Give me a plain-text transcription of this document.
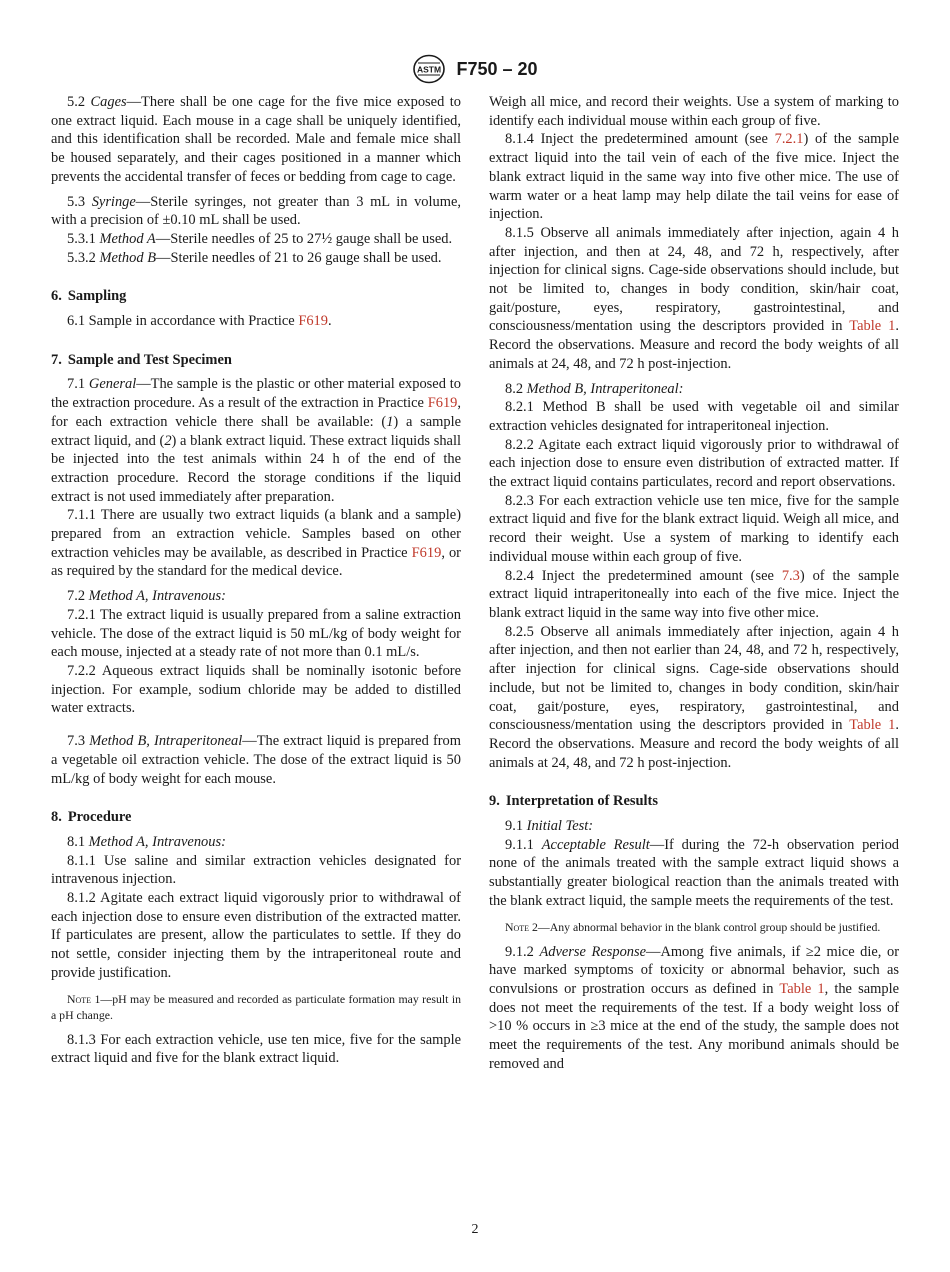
ASTM F750 – 20

5.2 Cages—There shall be one cage for the five mice exposed to one extract liquid. Each mouse in a cage shall be uniquely identified, and this identification shall be recorded. Male and female mice shall be housed separately, and their cages positioned in a manner which prevents the accidental transfer of feces or bedding from cage to cage.

5.3 Syringe—Sterile syringes, not greater than 3 mL in volume, with a precision of ±0.10 mL shall be used.

5.3.1 Method A—Sterile needles of 25 to 27½ gauge shall be used.

5.3.2 Method B—Sterile needles of 21 to 26 gauge shall be used.

6. Sampling

6.1 Sample in accordance with Practice F619.

7. Sample and Test Specimen

7.1 General—The sample is the plastic or other material exposed to the extraction procedure. As a result of the extraction in Practice F619, for each extraction vehicle there shall be available: (1) a sample extract liquid, and (2) a blank extract liquid. These extract liquids shall be injected into the test animals within 24 h of the end of the extraction procedure. Record the storage conditions if the liquid extract is not used immediately after preparation.

7.1.1 There are usually two extract liquids (a blank and a sample) prepared from an extraction vehicle. Samples based on other extraction vehicles may be available, as described in Practice F619, or as required by the standard for the medical device.

7.2 Method A, Intravenous:

7.2.1 The extract liquid is usually prepared from a saline extraction vehicle. The dose of the extract liquid is 50 mL/kg of body weight for each mouse, injected at a steady rate of not more than 0.1 mL/s.

7.2.2 Aqueous extract liquids shall be nominally isotonic before injection. For example, sodium chloride may be added to distilled water extracts.

7.3 Method B, Intraperitoneal—The extract liquid is prepared from a vegetable oil extraction vehicle. The dose of the extract liquid is 50 mL/kg of body weight for each mouse.

8. Procedure

8.1 Method A, Intravenous:

8.1.1 Use saline and similar extraction vehicles designated for intravenous injection.

8.1.2 Agitate each extract liquid vigorously prior to withdrawal of each injection dose to ensure even distribution of the extracted matter. If particulates are present, allow the particulates to settle. If they do not settle, consider injecting them by the intraperitoneal route and provide justification.

Note 1—pH may be measured and recorded as particulate formation may result in a pH change.

8.1.3 For each extraction vehicle, use ten mice, five for the sample extract liquid and five for the blank extract liquid.

Weigh all mice, and record their weights. Use a system of marking to identify each individual mouse within each group of five.

8.1.4 Inject the predetermined amount (see 7.2.1) of the sample extract liquid into the tail vein of each of the five mice. Inject the blank extract liquid in the same way into five other mice. The use of warm water or a heat lamp may help dilate the tail veins for ease of injection.

8.1.5 Observe all animals immediately after injection, again 4 h after injection, and then at 24, 48, and 72 h, respectively, after injection for clinical signs. Cage-side observations should include, but not be limited to, changes in body condition, skin/hair coat, gait/posture, eyes, respiratory, gastrointestinal, and consciousness/mentation using the descriptors provided in Table 1. Record the observations. Measure and record the body weights of all animals at 24, 48, and 72 h post-injection.

8.2 Method B, Intraperitoneal:

8.2.1 Method B shall be used with vegetable oil and similar extraction vehicles designated for intraperitoneal injection.

8.2.2 Agitate each extract liquid vigorously prior to withdrawal of each injection dose to ensure even distribution of extracted matter. If the extract liquid contains particulates, record and report observations.

8.2.3 For each extraction vehicle use ten mice, five for the sample extract liquid and five for the blank extract liquid. Weigh all mice, and record their weight. Use a system of marking to identify each individual mouse within each group of five.

8.2.4 Inject the predetermined amount (see 7.3) of the sample extract liquid intraperitoneally into each of the five mice. Inject the blank extract liquid in the same way into five other mice.

8.2.5 Observe all animals immediately after injection, again 4 h after injection, and then not earlier than 24, 48, and 72 h, respectively, after injection for clinical signs. Cage-side observations should include, but not be limited to, changes in body condition, skin/hair coat, gait/posture, eyes, respiratory, gastrointestinal, and consciousness/mentation using the descriptors provided in Table 1. Record the observations. Measure and record the body weights of all animals at 24, 48, and 72 h post-injection.

9. Interpretation of Results

9.1 Initial Test:

9.1.1 Acceptable Result—If during the 72-h observation period none of the animals treated with the sample extract liquid shows a substantially greater biological reaction than the animals treated with the blank extract liquid, the sample meets the requirements of the test.

Note 2—Any abnormal behavior in the blank control group should be justified.

9.1.2 Adverse Response—Among five animals, if ≥2 mice die, or have marked symptoms of toxicity or abnormal behavior, such as convulsions or prostration occurs as defined in Table 1, the sample does not meet the requirements of the test. If a body weight loss of >10 % occurs in ≥3 mice at the end of the study, the sample does not meet the requirements of the test. Any moribund animals should be removed and

2
